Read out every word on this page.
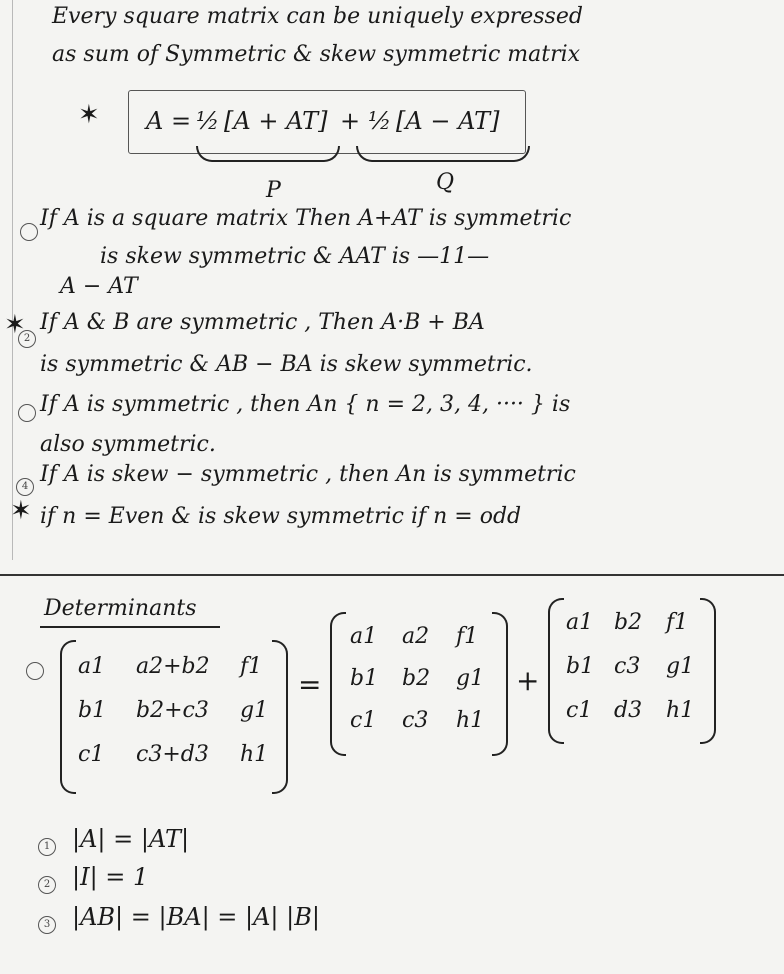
Every square matrix can be uniquely expressed
as sum of Symmetric & skew symmetric matrix
✶ A = ½ [A + AT] + ½ [A − AT]
P	Q
If A is a square matrix Then A+AT is symmetric
is skew symmetric & AAT is —11—
A − AT
✶
2
If A & B are symmetric , Then A·B + BA
is symmetric & AB − BA is skew symmetric.
If A is symmetric , then An { n = 2, 3, 4, ···· } is
also symmetric.
4
✶
If A is skew − symmetric , then An is symmetric
if n = Even & is skew symmetric if n = odd
Determinants
a1 a2+b2 f1
b1 b2+c3 g1
c1 c3+d3 h1
=
a1 a2 f1
b1 b2 g1
c1 c3 h1
+
a1 b2 f1
b1 c3 g1
c1 d3 h1
1 |A| = |AT|
2 |I| = 1
3 |AB| = |BA| = |A| |B|
